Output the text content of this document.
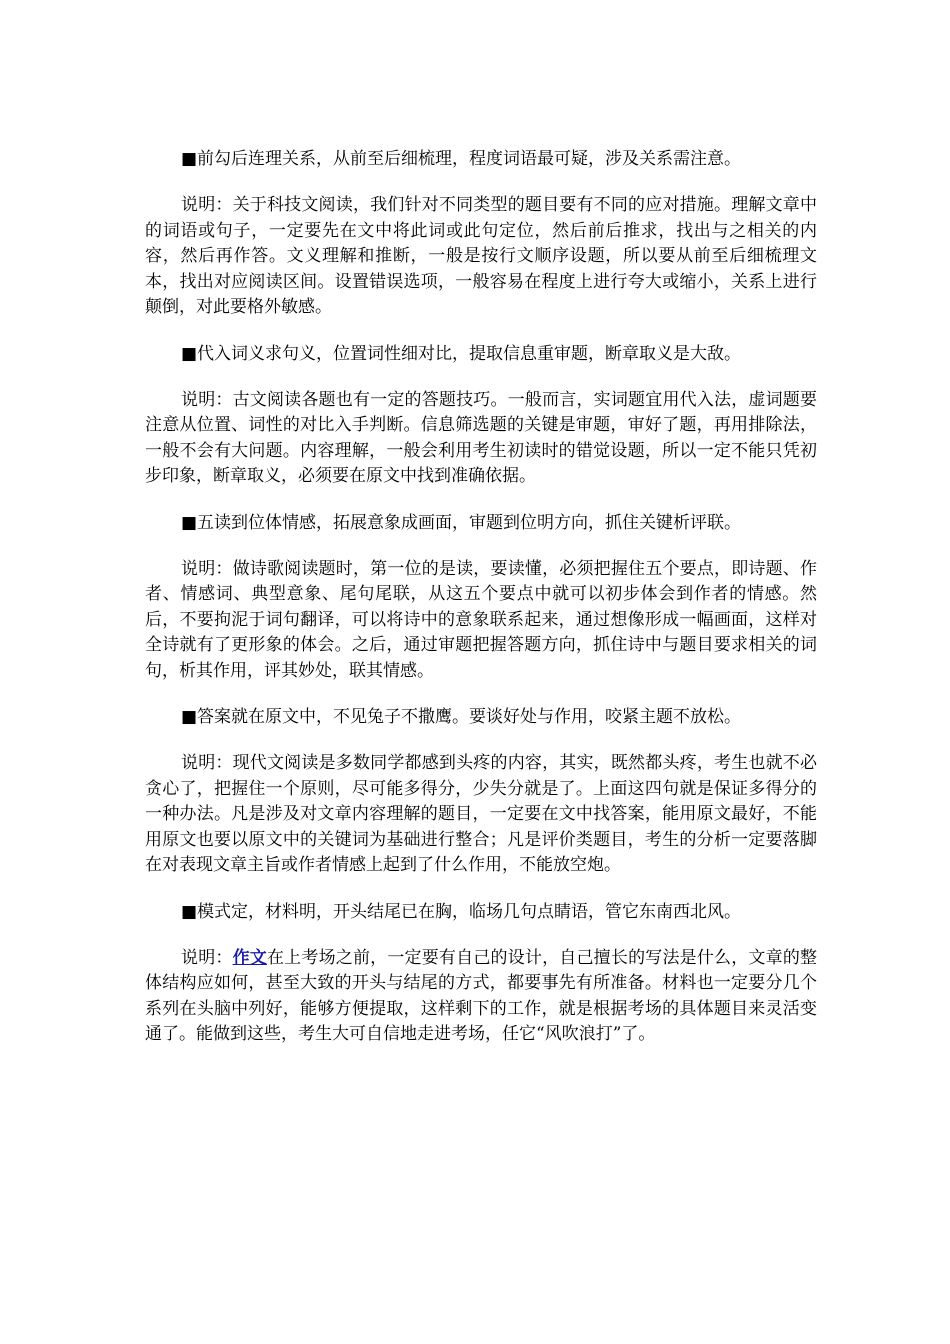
■前勾后连理关系，从前至后细梳理，程度词语最可疑，涉及关系需注意。
说明：关于科技文阅读，我们针对不同类型的题目要有不同的应对措施。理解文章中的词语或句子，一定要先在文中将此词或此句定位，然后前后推求，找出与之相关的内容，然后再作答。文义理解和推断，一般是按行文顺序设题，所以要从前至后细梳理文本，找出对应阅读区间。设置错误选项，一般容易在程度上进行夸大或缩小，关系上进行颠倒，对此要格外敏感。
■代入词义求句义，位置词性细对比，提取信息重审题，断章取义是大敌。
说明：古文阅读各题也有一定的答题技巧。一般而言，实词题宜用代入法，虚词题要注意从位置、词性的对比入手判断。信息筛选题的关键是审题，审好了题，再用排除法，一般不会有大问题。内容理解，一般会利用考生初读时的错觉设题，所以一定不能只凭初步印象，断章取义，必须要在原文中找到准确依据。
■五读到位体情感，拓展意象成画面，审题到位明方向，抓住关键析评联。
说明：做诗歌阅读题时，第一位的是读，要读懂，必须把握住五个要点，即诗题、作者、情感词、典型意象、尾句尾联，从这五个要点中就可以初步体会到作者的情感。然后，不要拘泥于词句翻译，可以将诗中的意象联系起来，通过想像形成一幅画面，这样对全诗就有了更形象的体会。之后，通过审题把握答题方向，抓住诗中与题目要求相关的词句，析其作用，评其妙处，联其情感。
■答案就在原文中，不见兔子不撒鹰。要谈好处与作用，咬紧主题不放松。
说明：现代文阅读是多数同学都感到头疼的内容，其实，既然都头疼，考生也就不必贪心了，把握住一个原则，尽可能多得分，少失分就是了。上面这四句就是保证多得分的一种办法。凡是涉及对文章内容理解的题目，一定要在文中找答案，能用原文最好，不能用原文也要以原文中的关键词为基础进行整合；凡是评价类题目，考生的分析一定要落脚在对表现文章主旨或作者情感上起到了什么作用，不能放空炮。
■模式定，材料明，开头结尾已在胸，临场几句点睛语，管它东南西北风。
说明：作文在上考场之前，一定要有自己的设计，自己擅长的写法是什么，文章的整体结构应如何，甚至大致的开头与结尾的方式，都要事先有所准备。材料也一定要分几个系列在头脑中列好，能够方便提取，这样剩下的工作，就是根据考场的具体题目来灵活变通了。能做到这些，考生大可自信地走进考场，任它“风吹浪打”了。
